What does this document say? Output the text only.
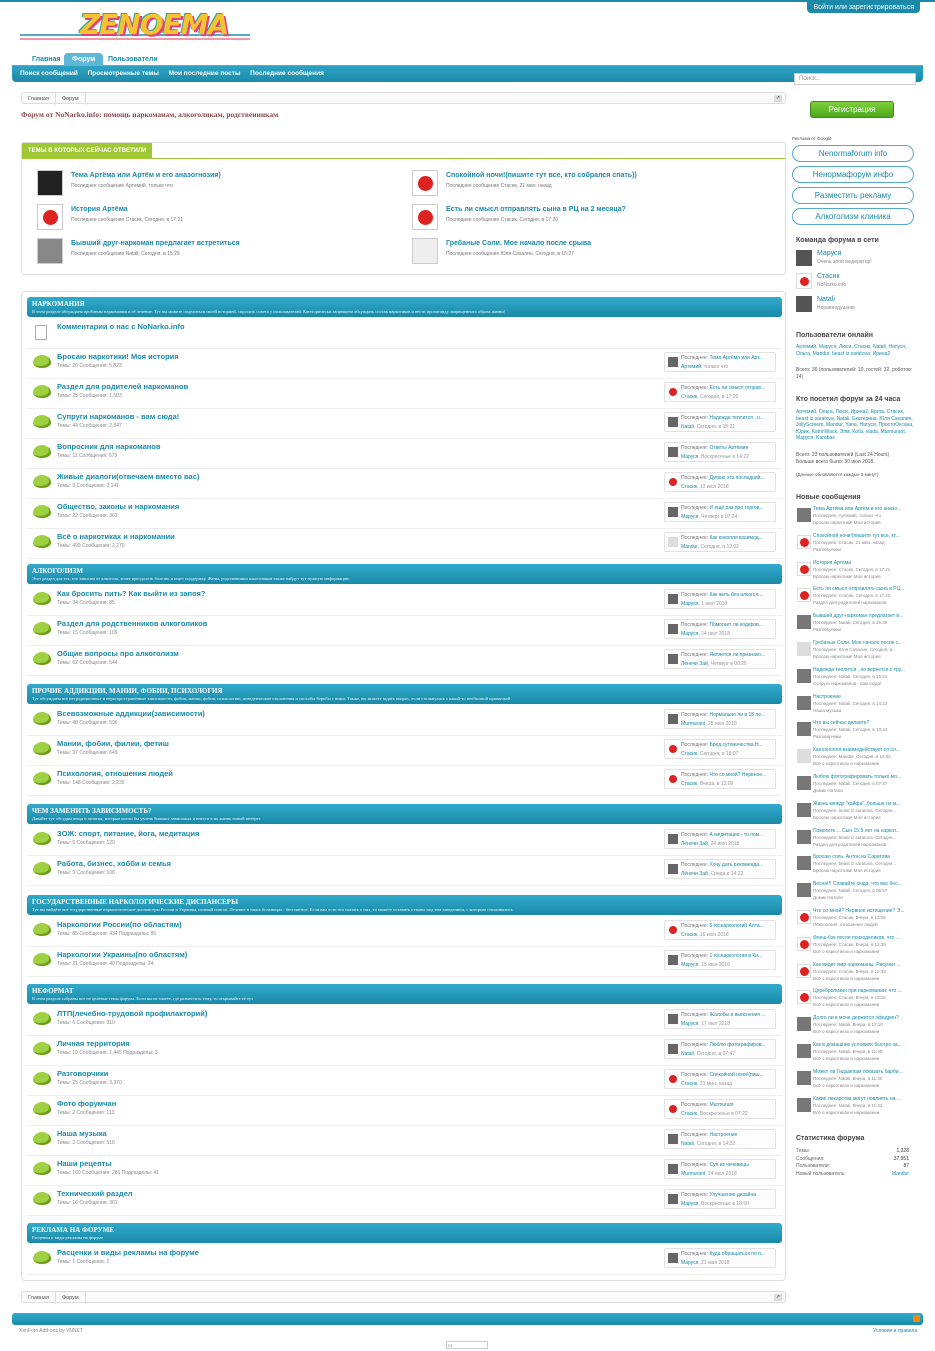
Войти или зарегистрироваться
ZENOEMA
Главная	Форум	Пользователи
Поиск сообщений Просмотренные темы Мои последние посты Последние сообщения
Поиск...
Главная Форум	↗
Форум от NoNarko.info: помощь наркоманам, алкоголикам, родственникам
ТЕМЫ В КОТОРЫХ СЕЙЧАС ОТВЕТИЛИ
Тема Артёма или Артём и его анаэогнозия)
Последнее сообщение Артемий, только что
Спокойной ночи!(пишите тут все, кто собрался спать))
Последнее сообщение Стасик, 21 мин. назад
История Артёма
Последнее сообщение Стасик, Сегодня, в 17:21
Есть ли смысл отправлять сына в РЦ на 2 месяца?
Последнее сообщение Стасик, Сегодня, в 17:20
Бывший друг-наркоман предлагает встретиться
Последнее сообщение Natali, Сегодня, в 15:29
Гребаные Соли. Мое начало после срыва
Последнее сообщение Юля Сахалин, Сегодня, в 15:27
НАРКОМАНИЯ
В этом разделе обсуждаем проблемы наркомании и её лечение. Тут вы можете поделиться своей историей, спросить совета у пользователей. Категорически запрещено обсуждать состав наркотиков и вести пропаганду запрещенного образа жизни!
Комментарии о нас с NoNarko.info
Бросаю наркотики! Моя история
Темы: 26 Сообщения: 5,823
Последнее: Тема Артёма или Арт...
Артемий, только что
Раздел для родителей наркоманов
Темы: 25 Сообщения: 1,503
Последнее: Есть ли смысл отправ...
Стасик, Сегодня, в 17:20
Супруги наркоманов - вам сюда!
Темы: 44 Сообщения: 2,847
Последнее: Надежда теплится ..н...
Natali, Сегодня, в 15:21
Вопросник для наркоманов
Темы: 11 Сообщения: 673
Последнее: Ответы Артёмия
Маруся, Воскресенье в 14:22
Живые диалоги(отвечаем вместо вас)
Темы: 9 Сообщения: 3,141
Последнее: Думаю это последний...
Стасик, 13 июл 2018
Общество, законы и наркомания
Темы: 22 Сообщения: 363
Последнее: И ещё раз про торгов...
Маруся, Четверг в 07:24
Всё о наркотиках и наркомании
Темы: 499 Сообщения: 2,270
Последнее: Как конопля взаимод...
Mandur, Сегодня, в 12:02
АЛКОГОЛИЗМ
Этот раздел для тех, кто зависим от алкоголя, хочет преодолеть болезнь и ищет поддержку. Жены, родственники алкоголиков также найдут тут нужную информацию
Как бросить пить? Как выйти из запоя?
Темы: 34 Сообщения: 85
Последнее: Как жить без алкогол...
Маруся, 1 июл 2018
Раздел для родственников алкоголиков
Темы: 15 Сообщения: 109
Последнее: Помогает ли кодиров...
Маруся, 24 июл 2018
Общие вопросы про алкоголизм
Темы: 62 Сообщения: 544
Последнее: Является ли признако...
Лёнечи Зай, Четверг в 00:26
ПРОЧИЕ АДДИКЦИИ, МАНИИ, ФОБИИ, ПСИХОЛОГИЯ
Тут обсуждаем все нетрадиционные и нераспространённые зависимости, фобии, мании, фобии, психологию, поведенческие отклонения и способы борьбы с ними. Также, вы можете задать вопрос, если столкнулись с какой-то необычной привычкой
Всевозможные аддикции(зависимости)
Темы: 48 Сообщения: 596
Последнее: Нормально ли в 18 ле...
Murmurant, 25 июн 2018
Мании, фобии, филии, фетиш
Темы: 37 Сообщения: 649
Последнее: Бред сутяничества.Н...
Стасик, Сегодня, в 18:07
Психология, отношения людей
Темы: 148 Сообщения: 2,235
Последнее: Что со мной? Нервное...
Стасик, Вчера, в 13:09
ЧЕМ ЗАМЕНИТЬ ЗАВИСИМОСТЬ?
Давайте тут обсудим вещи и занятия, которые могли бы увлечь бывших зависимых и внести в их жизнь новый интерес
ЗОЖ: спорт, питание, йога, медитация
Темы: 5 Сообщения: 129
Последнее: А медитация - то пом...
Лёнечи Зай, 24 июл 2018
Работа, бизнес, хобби и семья
Темы: 9 Сообщения: 108
Последнее: Хочу дать рекоменда...
Лёнечи Зай, Среда в 14:22
ГОСУДАРСТВЕННЫЕ НАРКОЛОГИЧЕСКИЕ ДИСПАНСЕРЫ
Тут вы найдёте все государственные наркологические диспансеры России и Украины, полный список. Лечение в таких больницах - бесплатное. Если вам есть что сказать о них, то можете оставить отзывы под тем заведением, с которым сталкивались
Наркологии России(по областям)
Темы: 85 Сообщения: 434 Подразделы: 86
Последнее: 5 госнаркологий Алта...
Стасик, 16 июн 2018
Наркологии Украины(по областям)
Темы: 21 Сообщения: 40 Подразделы: 24
Последнее: 1 госнаркология в Ки...
Маруся, 15 июн 2018
НЕФОРМАТ
В этом разделе собраны все не целевые темы форума. Если вы не знаете, где разместить тему, то открывайте её тут
ЛТП(лечебно-трудовой профилакторий)
Темы: 6 Сообщения: 310
Последнее: Жалобы и выяснения ...
Маруся, 17 июл 2018
Личная территория
Темы: 10 Сообщения: 1,445 Подразделы: 3
Последнее: Люблю фотографиров...
Natali, Сегодня, в 07:47
Разговорчики
Темы: 25 Сообщения: 3,370
Последнее: Спокойной ночи!(пиш...
Стасик, 21 мин. назад
Фото форумчан
Темы: 2 Сообщения: 113
Последнее: Murmurant
Стасик, Воскресенье в 07:22
Наша музыка
Темы: 2 Сообщения: 516
Последнее: Настроение
Natali, Сегодня, в 14:22
Наши рецепты
Темы: 160 Сообщения: 281 Подразделы: 41
Последнее: Суп из чечевицы
Murmurant, 24 июл 2018
Технический раздел
Темы: 16 Сообщения: 361
Последнее: Улучшение дизайна
Маруся, Воскресенье в 18:50
РЕКЛАМА НА ФОРУМЕ
Расценки и виды рекламы на форуме
Расценки и виды рекламы на форуме
Темы: 1 Сообщения: 2
Последнее: Куда обращаться по п...
Маруся, 21 мая 2018
Регистрация
Реклама от Google
Nenormaforum info
Ненормафорум инфо
Разместить рекламу
Алкоголизм клиника
Команда форума в сети
Маруся
Очень злой модератор!
Стасик
NoNarko.info
Natali
Неравнодушная
Пользователи онлайн
Артемий, Маруся, Люси, Стасик, Natali, Натуся, Ольга, Mandur, beast iz saratova, Ирина2
Всего: 36 (пользователей: 10, гостей: 32, роботов: 14)
Кто посетил форум за 24 часа
Артемий, Ольга, Люси, Ирина2, Epma, Стасик, beast iz saratova, Natali, Екатерина, Юля Сахалин, JollyScreem, Mandur, Yana, Натуся, ПростоОксана, Юрик, KatrinWack, Элм, Кобз, vlada, Murmurant, Маруся, Karabas
Всего: 23 пользователей (Last 24 Hours)
Больше всего было: 30 июл 2018.
(Данные обновляются каждые 5 минут)
Новые сообщения
Тема Артёма или Артём и его анаэо...
Последнее: Артемий, только что
Бросаю наркотики! Моя история
Спокойной ночи!(пишите тут все, кт...
Последнее: Стасик, 21 мин. назад
Разговорчики
История Артёма
Последнее: Стасик, Сегодня, в 17:21
Бросаю наркотики! Моя история
Есть ли смысл отправлять сына в РЦ...
Последнее: Стасик, Сегодня, в 17:20
Раздел для родителей наркоманов
Бывший друг-наркоман предлагает в...
Последнее: Natali, Сегодня, в 15:29
Разговорчики
Гребаные Соли. Мое начало после с...
Последнее: Юля Сахалин, Сегодня, в...
Бросаю наркотики! Моя история
Надежда теплится ..но вернется с тру...
Последнее: Natali, Сегодня, в 15:21
Сулруги наркоманов - вам сюда!
Настроение
Последнее: Natali, Сегодня, в 14:22
Наша музыка
Что вы сейчас делаете?
Последнее: Natali, Сегодня, в 13:44
Разговорчики
Как конопля взаимодействует со сл...
Последнее: Mandur, Сегодня, в 12:02
Всё о наркотиках и наркомании
Люблю фотографировать только мо...
Последнее: Natali, Сегодня, в 07:47
Домик Натали
Жизнь между "кайфа"..больше не м...
Последнее: beast iz saratova, Сегодня...
Бросаю наркотики! Моя история
Помогите.... Сын 15.5 лет на наркот...
Последнее: beast iz saratova, Сегодня...
Раздел для родителей наркоманов
Бросаю соль. Антон из Саратова
Последнее: beast iz saratova, Сегодня...
Бросаю наркотики! Моя история
Весна!!! Славайте сюда, что вас бес...
Последнее: Natali, Сегодня, в 06:57
Домик Натали
Что со мной? Нервное истощение? Э...
Последнее: Стасик, Вчера, в 13:09
Психология, отношения людей
Флеш-бэк после психоделиков, что ...
Последнее: Стасик, Вчера, в 12:39
Всё о наркотиках и наркомании
Как видит мир наркоманы. Рисунки ...
Последнее: Стасик, Вчера, в 12:33
Всё о наркотиках и наркомании
Церебролизин при наркомании: что ...
Последнее: Стасик, Вчера, в 12:19
Всё о наркотиках и наркомании
Долго ли в моче держится эфедрин?
Последнее: Natali, Вчера, в 12:10
Всё о наркотиках и наркомании
Как в домашних условиях быстро за...
Последнее: Natali, Вчера, в 11:49
Всё о наркотиках и наркомании
Может ли Гидазепам показать барби...
Последнее: Natali, Вчера, в 11:40
Всё о наркотиках и наркомании
Какие лекарства могут повлиять на ...
Последнее: Natali, Вчера, в 11:32
Всё о наркотиках и наркомании
Статистика форума
Темы:	1,328
Сообщения:	37,951
Пользователи:	87
Новый пользователь:	Mandur
Главная Форум	↗
XenForo Add-ons by VNNET	Условия и правила
ru
